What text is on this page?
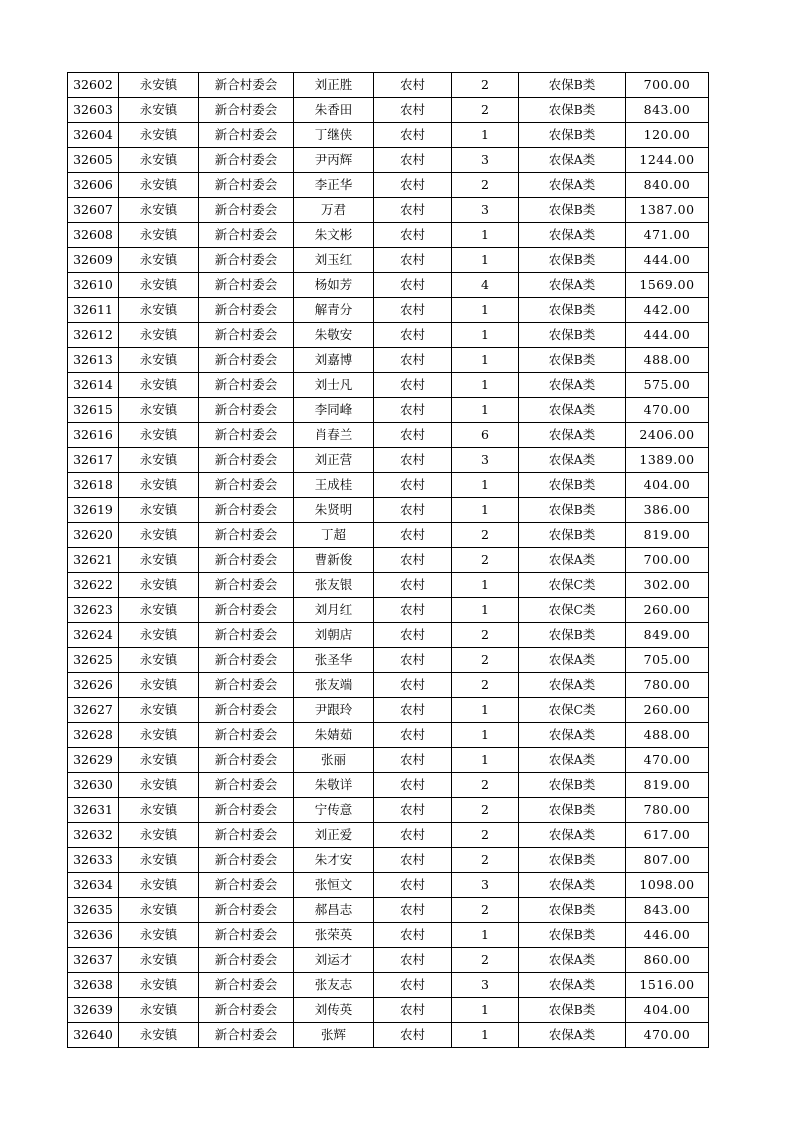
32602	永安镇	新合村委会	刘正胜	农村	2	农保B类	700.00
32603	永安镇	新合村委会	朱香田	农村	2	农保B类	843.00
32604	永安镇	新合村委会	丁继侠	农村	1	农保B类	120.00
32605	永安镇	新合村委会	尹丙辉	农村	3	农保A类	1244.00
32606	永安镇	新合村委会	李正华	农村	2	农保A类	840.00
32607	永安镇	新合村委会	万君	农村	3	农保B类	1387.00
32608	永安镇	新合村委会	朱文彬	农村	1	农保A类	471.00
32609	永安镇	新合村委会	刘玉红	农村	1	农保B类	444.00
32610	永安镇	新合村委会	杨如芳	农村	4	农保A类	1569.00
32611	永安镇	新合村委会	解青分	农村	1	农保B类	442.00
32612	永安镇	新合村委会	朱敬安	农村	1	农保B类	444.00
32613	永安镇	新合村委会	刘嘉博	农村	1	农保B类	488.00
32614	永安镇	新合村委会	刘士凡	农村	1	农保A类	575.00
32615	永安镇	新合村委会	李同峰	农村	1	农保A类	470.00
32616	永安镇	新合村委会	肖春兰	农村	6	农保A类	2406.00
32617	永安镇	新合村委会	刘正营	农村	3	农保A类	1389.00
32618	永安镇	新合村委会	王成桂	农村	1	农保B类	404.00
32619	永安镇	新合村委会	朱贤明	农村	1	农保B类	386.00
32620	永安镇	新合村委会	丁超	农村	2	农保B类	819.00
32621	永安镇	新合村委会	曹新俊	农村	2	农保A类	700.00
32622	永安镇	新合村委会	张友银	农村	1	农保C类	302.00
32623	永安镇	新合村委会	刘月红	农村	1	农保C类	260.00
32624	永安镇	新合村委会	刘朝店	农村	2	农保B类	849.00
32625	永安镇	新合村委会	张圣华	农村	2	农保A类	705.00
32626	永安镇	新合村委会	张友端	农村	2	农保A类	780.00
32627	永安镇	新合村委会	尹跟玲	农村	1	农保C类	260.00
32628	永安镇	新合村委会	朱婧茹	农村	1	农保A类	488.00
32629	永安镇	新合村委会	张丽	农村	1	农保A类	470.00
32630	永安镇	新合村委会	朱敬详	农村	2	农保B类	819.00
32631	永安镇	新合村委会	宁传意	农村	2	农保B类	780.00
32632	永安镇	新合村委会	刘正爱	农村	2	农保A类	617.00
32633	永安镇	新合村委会	朱才安	农村	2	农保B类	807.00
32634	永安镇	新合村委会	张恒文	农村	3	农保A类	1098.00
32635	永安镇	新合村委会	郝昌志	农村	2	农保B类	843.00
32636	永安镇	新合村委会	张荣英	农村	1	农保B类	446.00
32637	永安镇	新合村委会	刘运才	农村	2	农保A类	860.00
32638	永安镇	新合村委会	张友志	农村	3	农保A类	1516.00
32639	永安镇	新合村委会	刘传英	农村	1	农保B类	404.00
32640	永安镇	新合村委会	张辉	农村	1	农保A类	470.00
